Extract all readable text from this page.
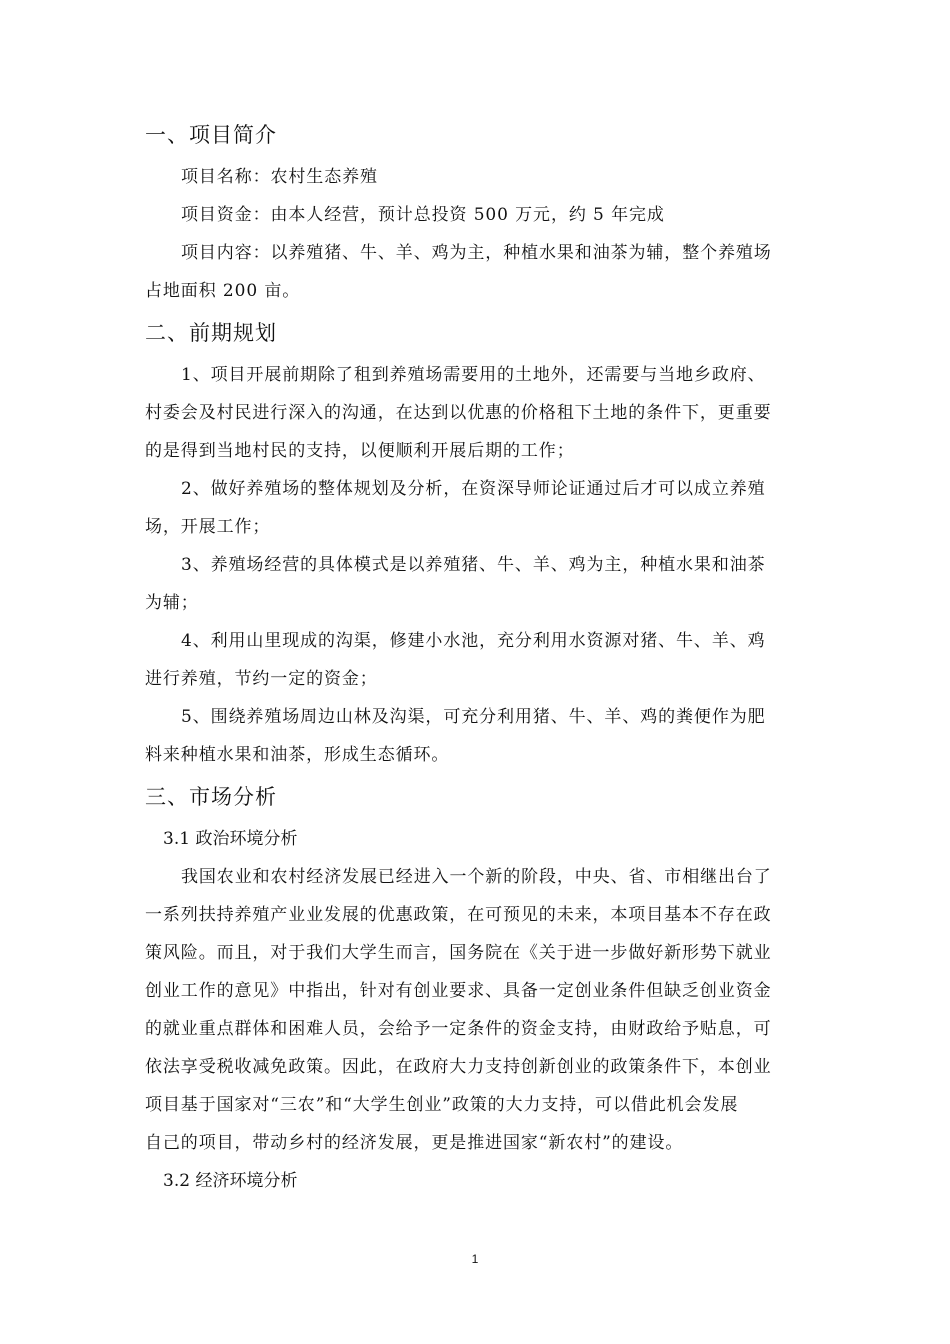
一、项目简介
项目名称：农村生态养殖
项目资金：由本人经营，预计总投资 500 万元，约 5 年完成
项目内容：以养殖猪、牛、羊、鸡为主，种植水果和油茶为辅，整个养殖场
占地面积 200 亩。
二、前期规划
1、项目开展前期除了租到养殖场需要用的土地外，还需要与当地乡政府、
村委会及村民进行深入的沟通，在达到以优惠的价格租下土地的条件下，更重要
的是得到当地村民的支持，以便顺利开展后期的工作；
2、做好养殖场的整体规划及分析，在资深导师论证通过后才可以成立养殖
场，开展工作；
3、养殖场经营的具体模式是以养殖猪、牛、羊、鸡为主，种植水果和油茶
为辅；
4、利用山里现成的沟渠，修建小水池，充分利用水资源对猪、牛、羊、鸡
进行养殖，节约一定的资金；
5、围绕养殖场周边山林及沟渠，可充分利用猪、牛、羊、鸡的粪便作为肥
料来种植水果和油茶，形成生态循环。
三、市场分析
3.1 政治环境分析
我国农业和农村经济发展已经进入一个新的阶段，中央、省、市相继出台了
一系列扶持养殖产业业发展的优惠政策，在可预见的未来，本项目基本不存在政
策风险。而且，对于我们大学生而言，国务院在《关于进一步做好新形势下就业
创业工作的意见》中指出，针对有创业要求、具备一定创业条件但缺乏创业资金
的就业重点群体和困难人员，会给予一定条件的资金支持，由财政给予贴息，可
依法享受税收减免政策。因此，在政府大力支持创新创业的政策条件下，本创业
项目基于国家对“三农”和“大学生创业”政策的大力支持，可以借此机会发展
自己的项目，带动乡村的经济发展，更是推进国家“新农村”的建设。
3.2 经济环境分析
1
